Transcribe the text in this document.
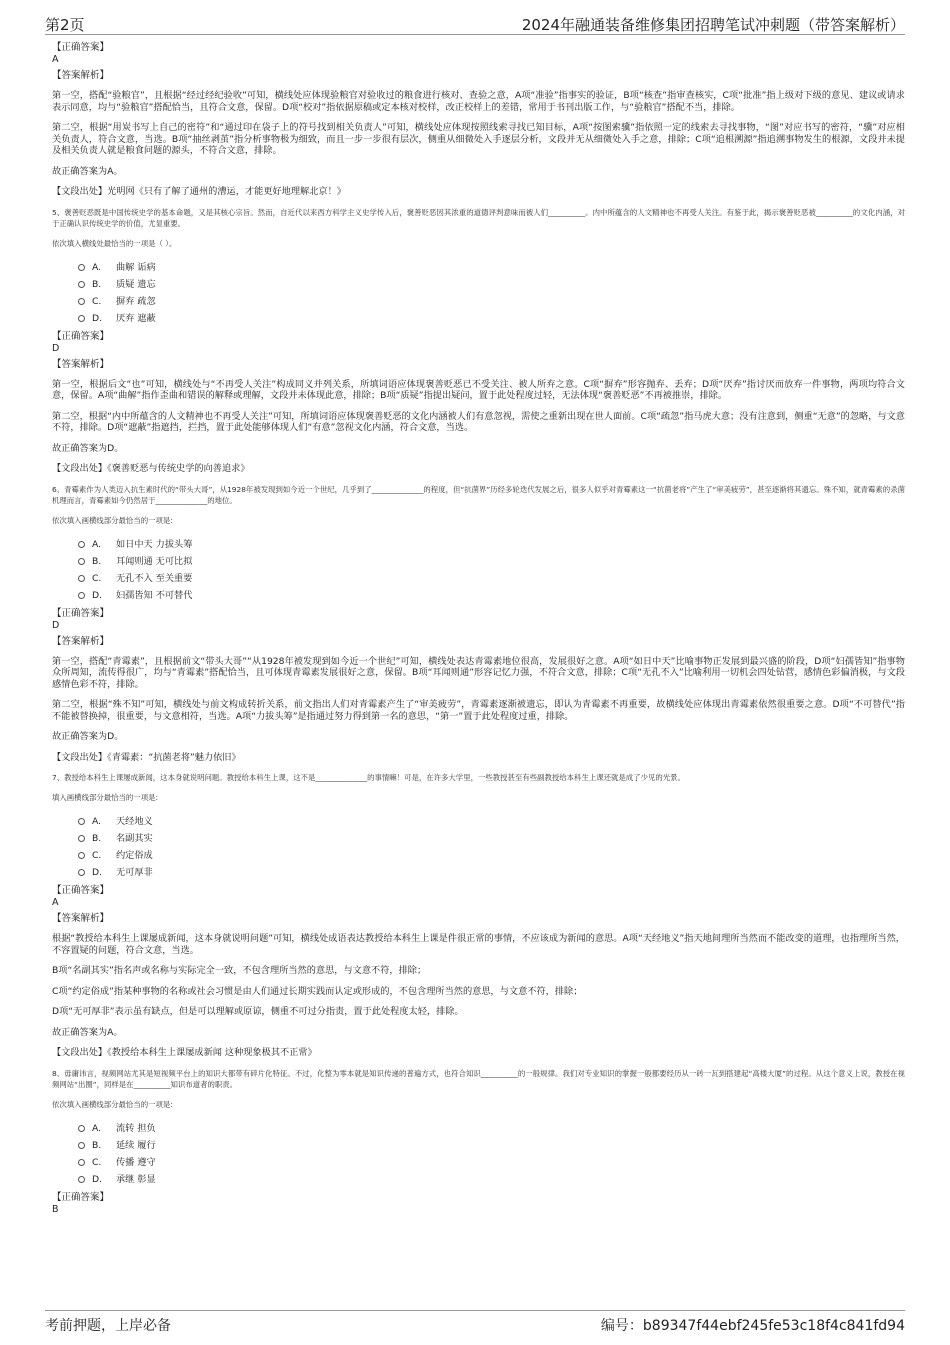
第2页	2024年融通装备维修集团招聘笔试冲刺题（带答案解析）

【正确答案】

A

【答案解析】

第一空，搭配“验粮官”，且根据“经过经纪验收”可知，横线处应体现验粮官对验收过的粮食进行核对、查验之意，A项“准验”指事实的验证，B项“核查”指审查核实，C项“批准”指上级对下级的意见、建议或请求表示同意，均与“验粮官”搭配恰当，且符合文意，保留。D项“校对”指依据原稿或定本核对校样，改正校样上的差错，常用于书刊出版工作，与“验粮官”搭配不当，排除。

第二空，根据“用炭书写上自己的密符”和“通过印在袋子上的符号找到相关负责人”可知，横线处应体现按照线索寻找已知目标，A项“按图索骥”指依照一定的线索去寻找事物，“图”对应书写的密符，“骥”对应相关负责人，符合文意，当选。B项“抽丝剥茧”指分析事物极为细致，而且一步一步很有层次，侧重从细微处入手逐层分析，文段并无从细微处入手之意，排除；C项“追根溯源”指追溯事物发生的根源，文段并未提及相关负责人就是粮食问题的源头，不符合文意，排除。

故正确答案为A。

【文段出处】光明网《只有了解了通州的漕运，才能更好地理解北京！》

5、褒善贬恶既是中国传统史学的基本命题，又是其核心宗旨。然而，自近代以来西方科学主义史学传入后，褒善贬恶因其浓重的道德评判意味而被人们__________。内中所蕴含的人文精神也不再受人关注。有鉴于此，揭示褒善贬恶被__________的文化内涵，对于正确认识传统史学的价值，尤显重要。

依次填入横线处最恰当的一项是（ ）。

A.	曲解 诟病
B.	质疑 遗忘
C.	摒弃 疏忽
D.	厌弃 遮蔽

【正确答案】

D

【答案解析】

第一空，根据后文“也”可知，横线处与“不再受人关注”构成同义并列关系，所填词语应体现褒善贬恶已不受关注、被人所弃之意。C项“摒弃”形容抛弃、丢弃；D项“厌弃”指讨厌而放弃一件事物，两项均符合文意，保留。A项“曲解”指作歪曲和错误的解释或理解，文段并未体现此意，排除；B项“质疑”指提出疑问，置于此处程度过轻，无法体现“褒善贬恶”不再被推崇，排除。

第二空，根据“内中所蕴含的人文精神也不再受人关注”可知，所填词语应体现褒善贬恶的文化内涵被人们有意忽视，需使之重新出现在世人面前。C项“疏忽”指马虎大意；没有注意到，侧重“无意”的忽略，与文意不符，排除。D项“遮蔽”指遮挡，拦挡，置于此处能够体现人们“有意”忽视文化内涵，符合文意，当选。

故正确答案为D。

【文段出处】《褒善贬恶与传统史学的向善追求》

6、青霉素作为人类迈入抗生素时代的“带头大哥”，从1928年被发现到如今近一个世纪，几乎到了______________的程度，但“抗菌界”历经多轮迭代发展之后，很多人似乎对青霉素这一“抗菌老将”产生了“审美疲劳”，甚至逐渐将其遗忘。殊不知，就青霉素的杀菌机理而言，青霉素如今仍然居于______________的地位。

依次填入画横线部分最恰当的一项是:

A.	如日中天 力拔头筹
B.	耳闻则通 无可比拟
C.	无孔不入 至关重要
D.	妇孺皆知 不可替代

【正确答案】

D

【答案解析】

第一空，搭配“青霉素”，且根据前文“带头大哥”“从1928年被发现到如今近一个世纪”可知，横线处表达青霉素地位很高，发展很好之意。A项“如日中天”比喻事物正发展到最兴盛的阶段，D项“妇孺皆知”指事物众所周知，流传得很广，均与“青霉素”搭配恰当，且可体现青霉素发展很好之意，保留。B项“耳闻则通”形容记忆力强，不符合文意，排除；C项“无孔不入”比喻利用一切机会四处钻营，感情色彩偏消极，与文段感情色彩不符，排除。

第二空，根据“殊不知”可知，横线处与前文构成转折关系，前文指出人们对青霉素产生了“审美疲劳”，青霉素逐渐被遗忘，即认为青霉素不再重要，故横线处应体现出青霉素依然很重要之意。D项“不可替代”指不能被替换掉，很重要，与文意相符，当选。A项“力拔头筹”是指通过努力得到第一名的意思，“第一”置于此处程度过重，排除。

故正确答案为D。

【文段出处】《青霉素：“抗菌老将”魅力依旧》

7、教授给本科生上课屡成新闻，这本身就说明问题。教授给本科生上课，这不是______________的事情嘛！可是，在许多大学里，一些教授甚至有些副教授给本科生上课还就是成了少见的光景。

填入画横线部分最恰当的一项是:

A.	天经地义
B.	名副其实
C.	约定俗成
D.	无可厚非

【正确答案】

A

【答案解析】

根据“教授给本科生上课屡成新闻，这本身就说明问题”可知，横线处成语表达教授给本科生上课是件很正常的事情，不应该成为新闻的意思。A项“天经地义”指天地间理所当然而不能改变的道理，也指理所当然，不容置疑的问题，符合文意，当选。

B项“名副其实”指名声或名称与实际完全一致，不包含理所当然的意思，与文意不符，排除；

C项“约定俗成”指某种事物的名称或社会习惯是由人们通过长期实践而认定或形成的，不包含理所当然的意思，与文意不符，排除；

D项“无可厚非”表示虽有缺点，但是可以理解或原谅，侧重不可过分指责，置于此处程度太轻，排除。

故正确答案为A。

【文段出处】《教授给本科生上课屡成新闻 这种现象极其不正常》

8、毋庸讳言，视频网站尤其是短视频平台上的知识大都带有碎片化特征。不过，化整为零本就是知识传递的普遍方式，也符合知识__________的一般规律。我们对专业知识的掌握一般都要经历从一砖一瓦到搭建起“高楼大厦”的过程。从这个意义上说，教授在视频网站“出圈”，同样是在__________知识布道者的职责。

依次填入画横线部分最恰当的一项是:

A.	流转 担负
B.	延续 履行
C.	传播 遵守
D.	承继 彰显

【正确答案】

B

考前押题，上岸必备	编号：b89347f44ebf245fe53c18f4c841fd94
